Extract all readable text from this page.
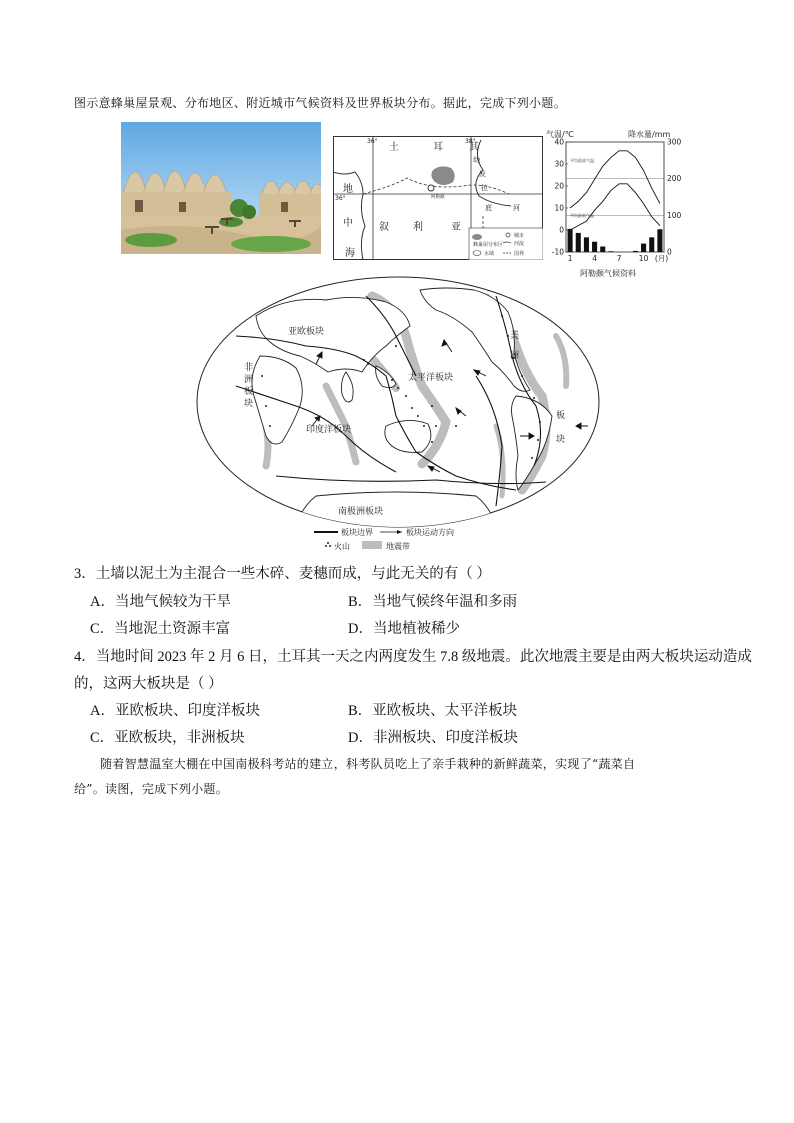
图示意蜂巢屋景观、分布地区、附近城市气候资料及世界板块分布。据此，完成下列小题。
蜂巢屋分布区
城市
河流
水域	国界
36°	38°
36°	阿勒颇
土	耳	其
地
中
海
叙 利	亚
幼
发
拉
底	河
气温/℃	降水量/mm
40
30
20
10
0
-10
300
200
100
0
1	4	7 10 (月)
平均最高气温
平均最低气温
阿勒颇气候资料
亚欧板块
太平洋板块
印度洋板块
南极洲板块
非
洲
板
块
美
洲
板
块
板块边界	板块运动方向
火山	地震带
3．土墙以泥土为主混合一些木碎、麦穗而成，与此无关的有（ ）
A．当地气候较为干旱	B．当地气候终年温和多雨
C．当地泥土资源丰富	D．当地植被稀少
4．当地时间 2023 年 2 月 6 日，土耳其一天之内两度发生 7.8 级地震。此次地震主要是由两大板块运动造成
的，这两大板块是（ ）
A．亚欧板块、印度洋板块	B．亚欧板块、太平洋板块
C．亚欧板块，非洲板块	D．非洲板块、印度洋板块
随着智慧温室大棚在中国南极科考站的建立，科考队员吃上了亲手栽种的新鲜蔬菜，实现了“蔬菜自
给”。读图，完成下列小题。
